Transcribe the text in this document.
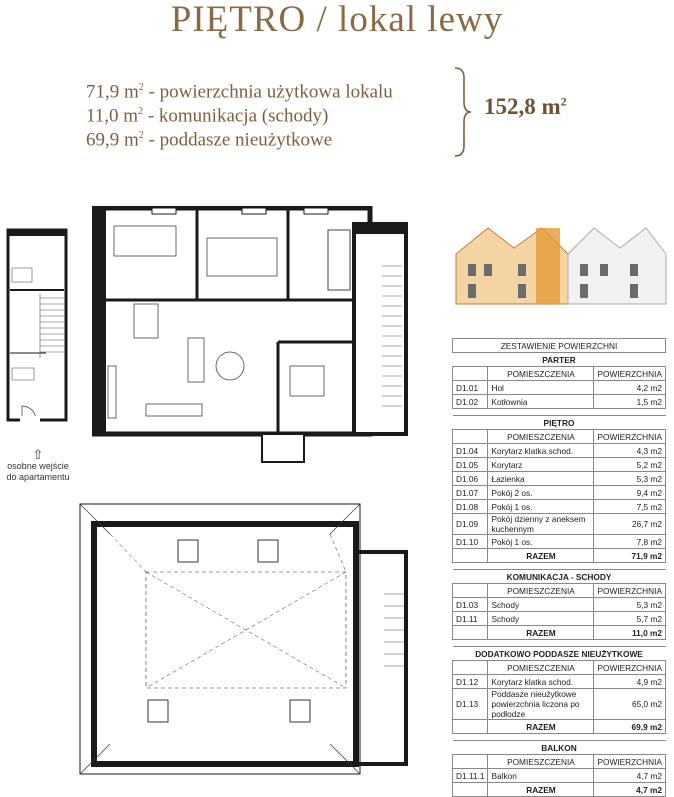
PIĘTRO / lokal lewy
71,9 $m^2$ - powierzchnia użytkowa lokalu
11,0 $m^2$ - komunikacja (schody)
69,9 $m^2$ - poddasze nieużytkowe
152,8 $m^2$
⇧
osobne wejście
do apartamentu
ZESTAWIENIE POWIERZCHNI		
PARTER		
	POMIESZCZENIA	POWIERZCHNIA
D1.01	Hol	4,2 m2
D1.02	Kotłownia	1,5 m2

PIĘTRO		
	POMIESZCZENIA	POWIERZCHNIA
D1.04	Korytarz klatka schod.	4,3 m2
D1.05	Korytarz	5,2 m2
D1.06	Łazienka	5,3 m2
D1.07	Pokój 2 os.	9,4 m2
D1.08	Pokój 1 os.	7,5 m2
D1.09	Pokój dzienny z aneksem kuchennym	26,7 m2
D1.10	Pokój 1 os.	7,8 m2
	RAZEM	71,9 m2

KOMUNIKACJA - SCHODY		
	POMIESZCZENIA	POWIERZCHNIA
D1.03	Schody	5,3 m2
D1.11	Schody	5,7 m2
	RAZEM	11,0 m2

DODATKOWO PODDASZE NIEUŻYTKOWE		
	POMIESZCZENIA	POWIERZCHNIA
D1.12	Korytarz klatka schod.	4,9 m2
D1.13	Poddasze nieużytkowe powierzchnia liczona po podłodze	65,0 m2
	RAZEM	69,9 m2

BALKON		
	POMIESZCZENIA	POWIERZCHNIA
D1.11.1	Balkon	4,7 m2
	RAZEM	4,7 m2
